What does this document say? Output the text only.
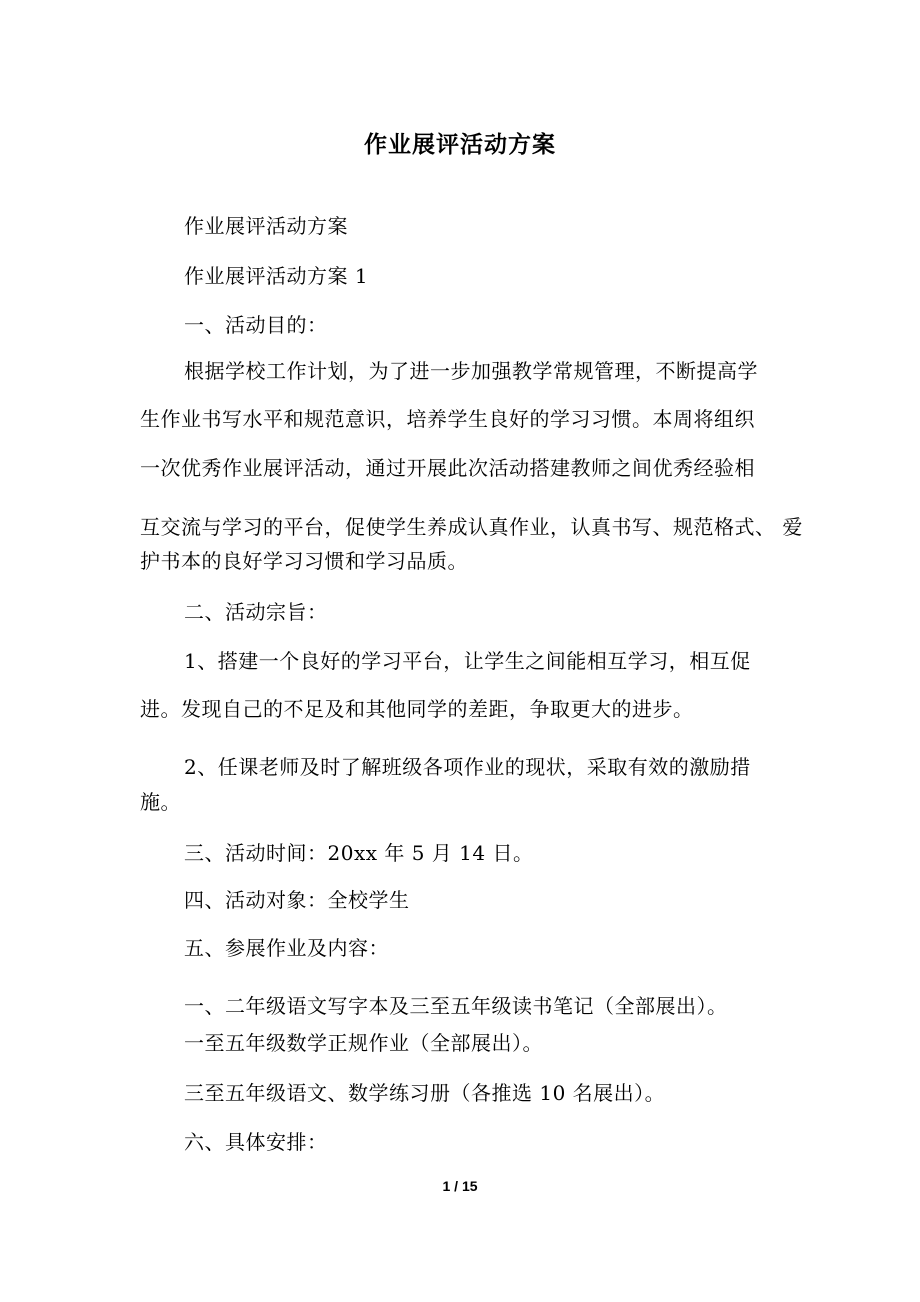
作业展评活动方案
作业展评活动方案
作业展评活动方案 1
一、活动目的：
根据学校工作计划，为了进一步加强教学常规管理，不断提高学
生作业书写水平和规范意识，培养学生良好的学习习惯。本周将组织
一次优秀作业展评活动，通过开展此次活动搭建教师之间优秀经验相
互交流与学习的平台，促使学生养成认真作业，认真书写、规范格式、 爱
护书本的良好学习习惯和学习品质。
二、活动宗旨：
1、搭建一个良好的学习平台，让学生之间能相互学习，相互促
进。发现自己的不足及和其他同学的差距，争取更大的进步。
2、任课老师及时了解班级各项作业的现状，采取有效的激励措
施。
三、活动时间：20xx 年 5 月 14 日。
四、活动对象：全校学生
五、参展作业及内容：
一、二年级语文写字本及三至五年级读书笔记（全部展出）。
一至五年级数学正规作业（全部展出）。
三至五年级语文、数学练习册（各推选 10 名展出）。
六、具体安排：
1 / 15
